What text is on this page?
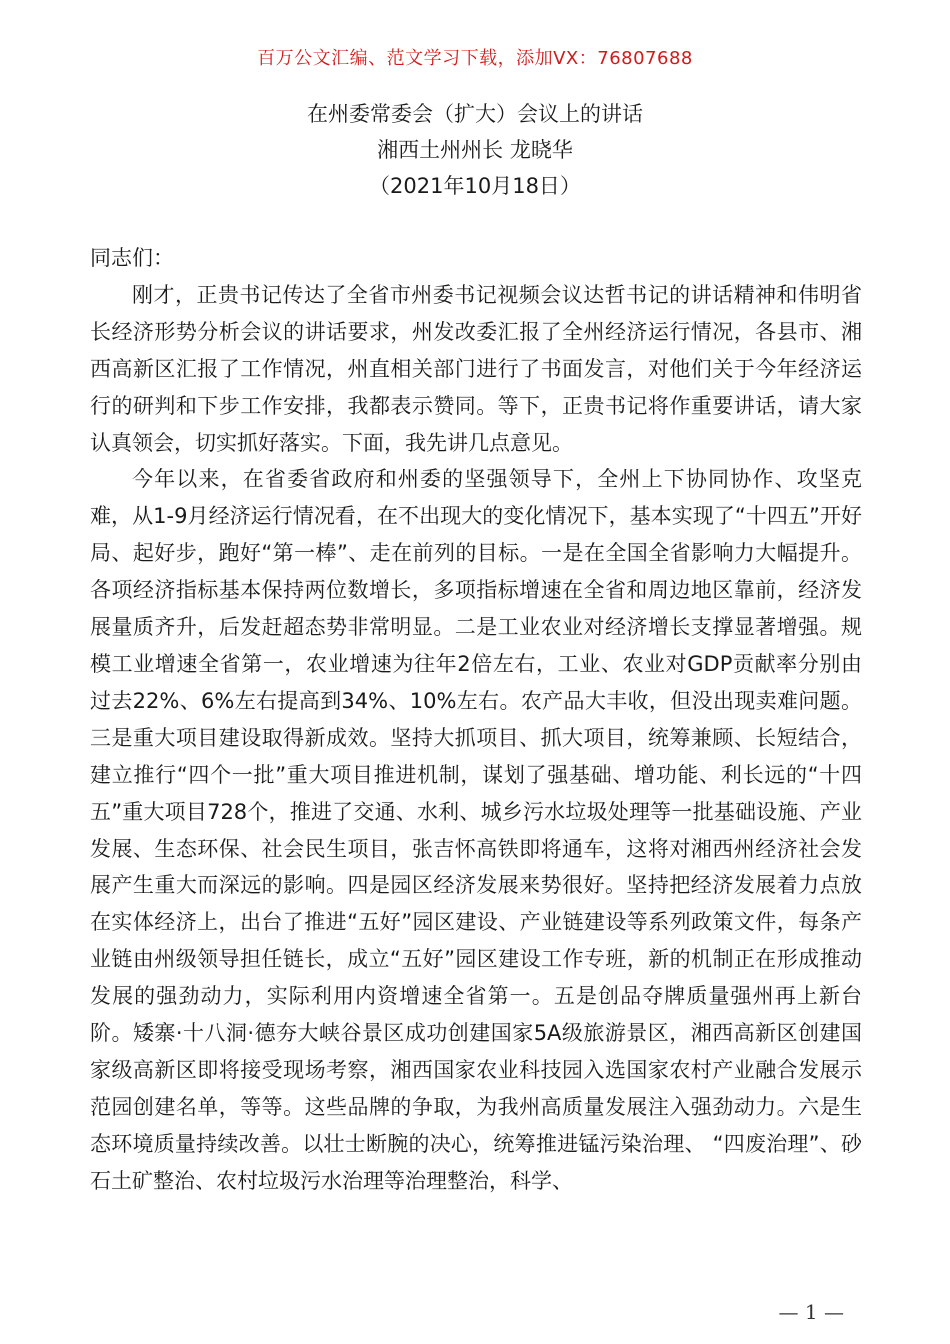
百万公文汇编、范文学习下载，添加VX：76807688
在州委常委会（扩大）会议上的讲话
湘西土州州长 龙晓华
（2021年10月18日）

同志们：

刚才，正贵书记传达了全省市州委书记视频会议达哲书记的讲话精神和伟明省长经济形势分析会议的讲话要求，州发改委汇报了全州经济运行情况，各县市、湘西高新区汇报了工作情况，州直相关部门进行了书面发言，对他们关于今年经济运行的研判和下步工作安排，我都表示赞同。等下，正贵书记将作重要讲话，请大家认真领会，切实抓好落实。下面，我先讲几点意见。

今年以来，在省委省政府和州委的坚强领导下，全州上下协同协作、攻坚克难，从1-9月经济运行情况看，在不出现大的变化情况下，基本实现了“十四五”开好局、起好步，跑好“第一棒”、走在前列的目标。一是在全国全省影响力大幅提升。各项经济指标基本保持两位数增长，多项指标增速在全省和周边地区靠前，经济发展量质齐升，后发赶超态势非常明显。二是工业农业对经济增长支撑显著增强。规模工业增速全省第一，农业增速为往年2倍左右，工业、农业对GDP贡献率分别由过去22%、6%左右提高到34%、10%左右。农产品大丰收，但没出现卖难问题。三是重大项目建设取得新成效。坚持大抓项目、抓大项目，统筹兼顾、长短结合，建立推行“四个一批”重大项目推进机制，谋划了强基础、增功能、利长远的“十四五”重大项目728个，推进了交通、水利、城乡污水垃圾处理等一批基础设施、产业发展、生态环保、社会民生项目，张吉怀高铁即将通车，这将对湘西州经济社会发展产生重大而深远的影响。四是园区经济发展来势很好。坚持把经济发展着力点放在实体经济上，出台了推进“五好”园区建设、产业链建设等系列政策文件，每条产业链由州级领导担任链长，成立“五好”园区建设工作专班，新的机制正在形成推动发展的强劲动力，实际利用内资增速全省第一。五是创品夺牌质量强州再上新台阶。矮寨·十八洞·德夯大峡谷景区成功创建国家5A级旅游景区，湘西高新区创建国家级高新区即将接受现场考察，湘西国家农业科技园入选国家农村产业融合发展示范园创建名单，等等。这些品牌的争取，为我州高质量发展注入强劲动力。六是生态环境质量持续改善。以壮士断腕的决心，统筹推进锰污染治理、 “四废治理”、砂石土矿整治、农村垃圾污水治理等治理整治，科学、

— 1 —
